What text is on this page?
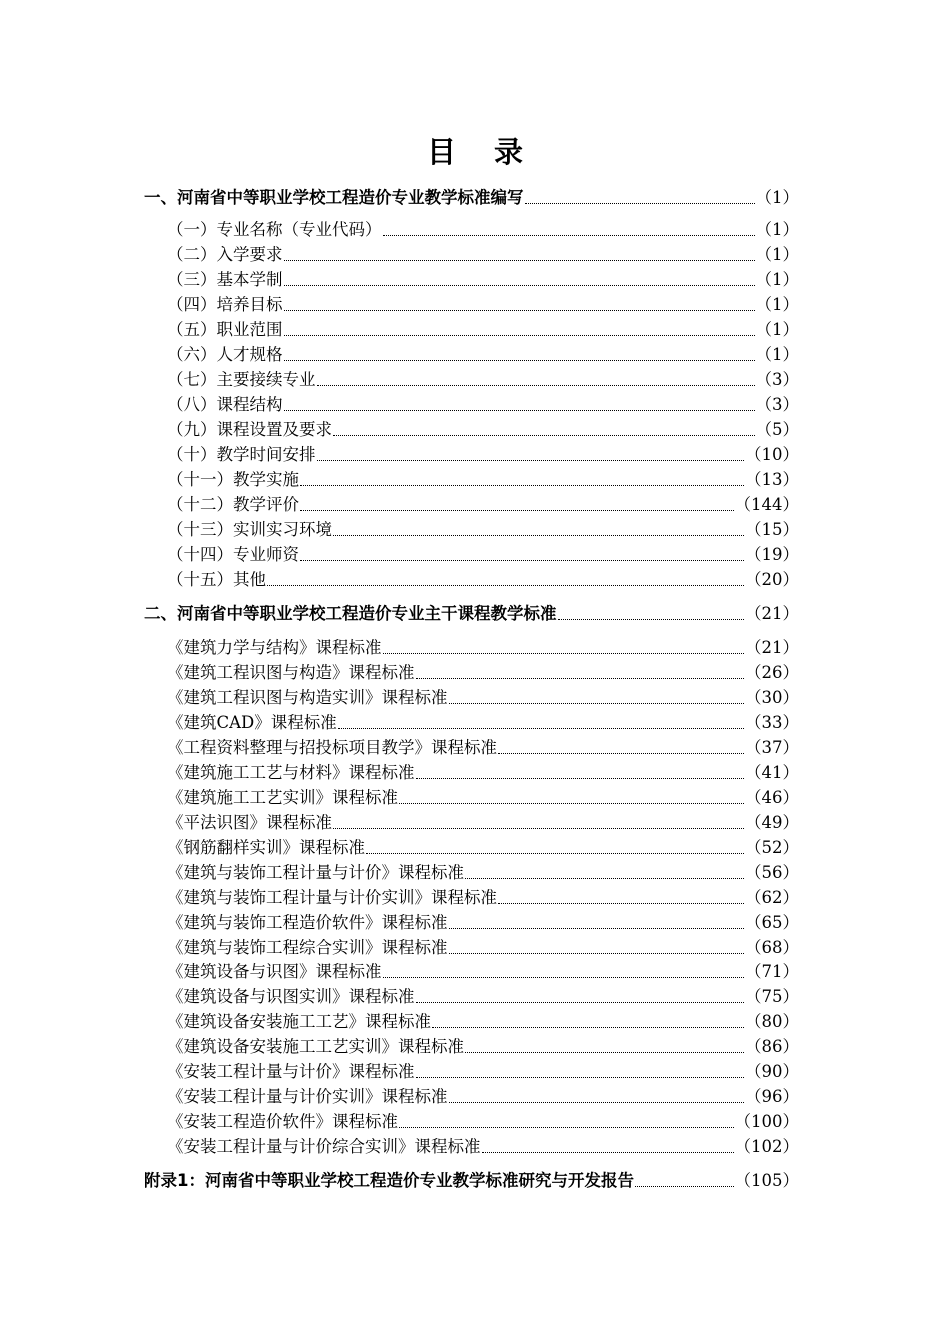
目 录
一、河南省中等职业学校工程造价专业教学标准编写	（1）
（一）专业名称（专业代码）	（1）
（二）入学要求	（1）
（三）基本学制	（1）
（四）培养目标	（1）
（五）职业范围	（1）
（六）人才规格	（1）
（七）主要接续专业	（3）
（八）课程结构	（3）
（九）课程设置及要求	（5）
（十）教学时间安排	（10）
（十一）教学实施	（13）
（十二）教学评价	（144）
（十三）实训实习环境	（15）
（十四）专业师资	（19）
（十五）其他	（20）
二、河南省中等职业学校工程造价专业主干课程教学标准	（21）
《建筑力学与结构》课程标准	（21）
《建筑工程识图与构造》课程标准	（26）
《建筑工程识图与构造实训》课程标准	（30）
《建筑CAD》课程标准	（33）
《工程资料整理与招投标项目教学》课程标准	（37）
《建筑施工工艺与材料》课程标准	（41）
《建筑施工工艺实训》课程标准	（46）
《平法识图》课程标准	（49）
《钢筋翻样实训》课程标准	（52）
《建筑与装饰工程计量与计价》课程标准	（56）
《建筑与装饰工程计量与计价实训》课程标准	（62）
《建筑与装饰工程造价软件》课程标准	（65）
《建筑与装饰工程综合实训》课程标准	（68）
《建筑设备与识图》课程标准	（71）
《建筑设备与识图实训》课程标准	（75）
《建筑设备安装施工工艺》课程标准	（80）
《建筑设备安装施工工艺实训》课程标准	（86）
《安装工程计量与计价》课程标准	（90）
《安装工程计量与计价实训》课程标准	（96）
《安装工程造价软件》课程标准	（100）
《安装工程计量与计价综合实训》课程标准	（102）
附录1：河南省中等职业学校工程造价专业教学标准研究与开发报告	（105）
